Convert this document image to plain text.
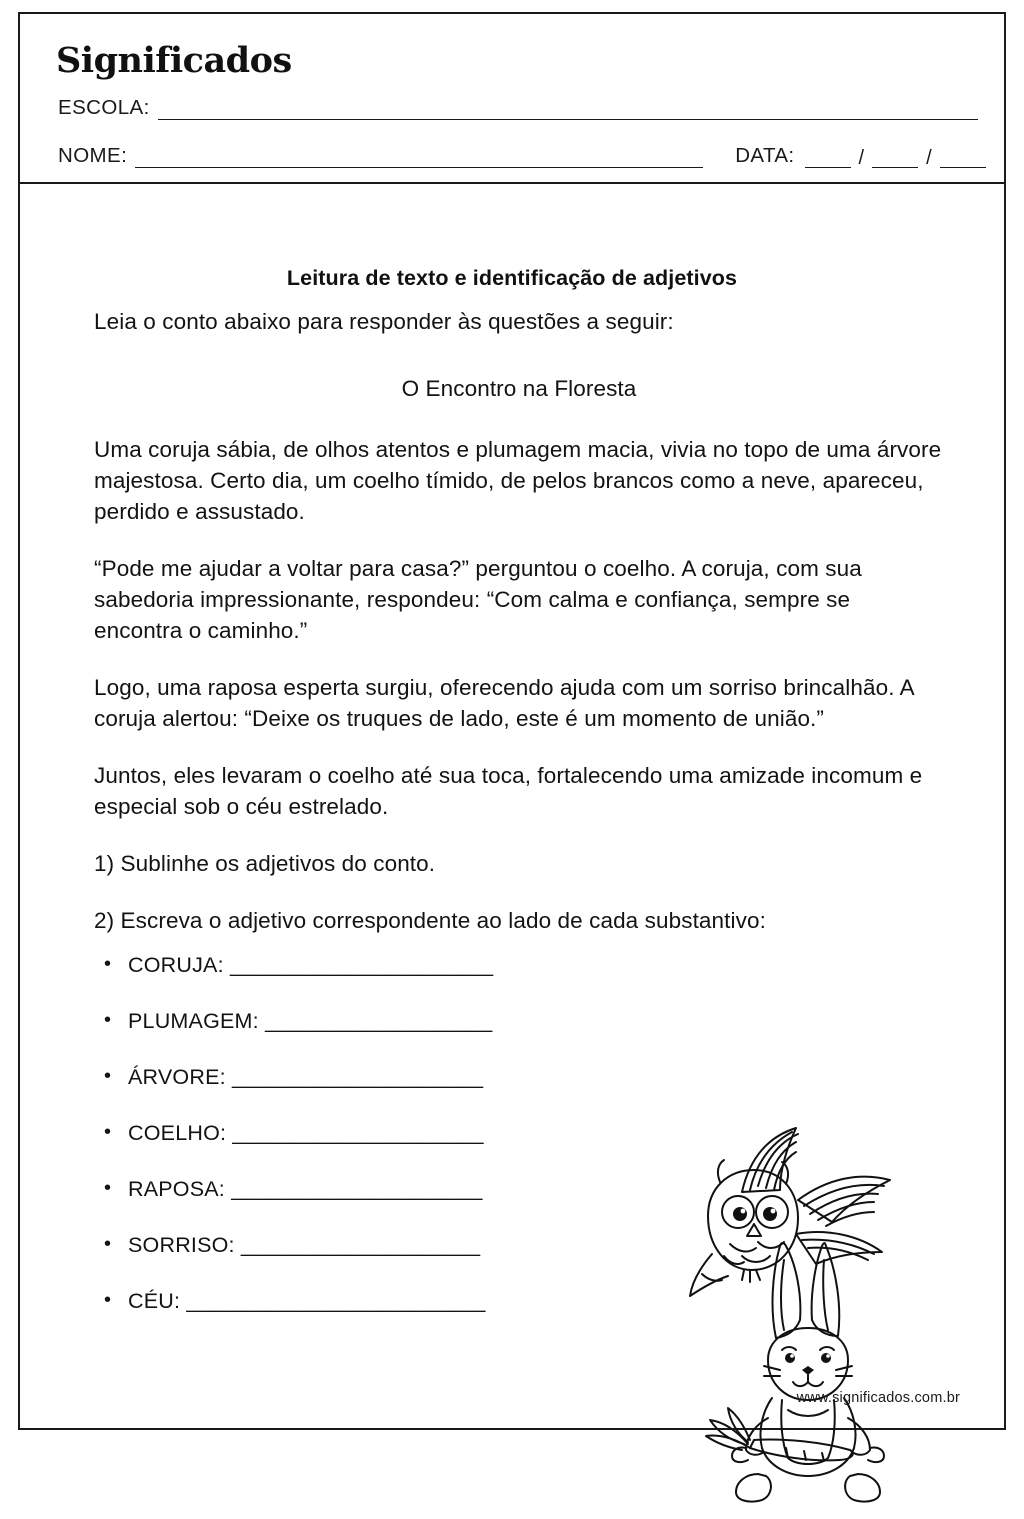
Significados
ESCOLA:
NOME:	DATA:	/	/
Leitura de texto e identificação de adjetivos

Leia o conto abaixo para responder às questões a seguir:

O Encontro na Floresta

Uma coruja sábia, de olhos atentos e plumagem macia, vivia no topo de uma árvore majestosa. Certo dia, um coelho tímido, de pelos brancos como a neve, apareceu, perdido e assustado.

“Pode me ajudar a voltar para casa?” perguntou o coelho. A coruja, com sua sabedoria impressionante, respondeu: “Com calma e confiança, sempre se encontra o caminho.”

Logo, uma raposa esperta surgiu, oferecendo ajuda com um sorriso brincalhão. A coruja alertou: “Deixe os truques de lado, este é um momento de união.”

Juntos, eles levaram o coelho até sua toca, fortalecendo uma amizade incomum e especial sob o céu estrelado.

1) Sublinhe os adjetivos do conto.

2) Escreva o adjetivo correspondente ao lado de cada substantivo:

• CORUJA: ______________________
• PLUMAGEM: ___________________
• ÁRVORE: _____________________
• COELHO: _____________________
• RAPOSA: _____________________
• SORRISO: ____________________
• CÉU: _________________________
www.significados.com.br
